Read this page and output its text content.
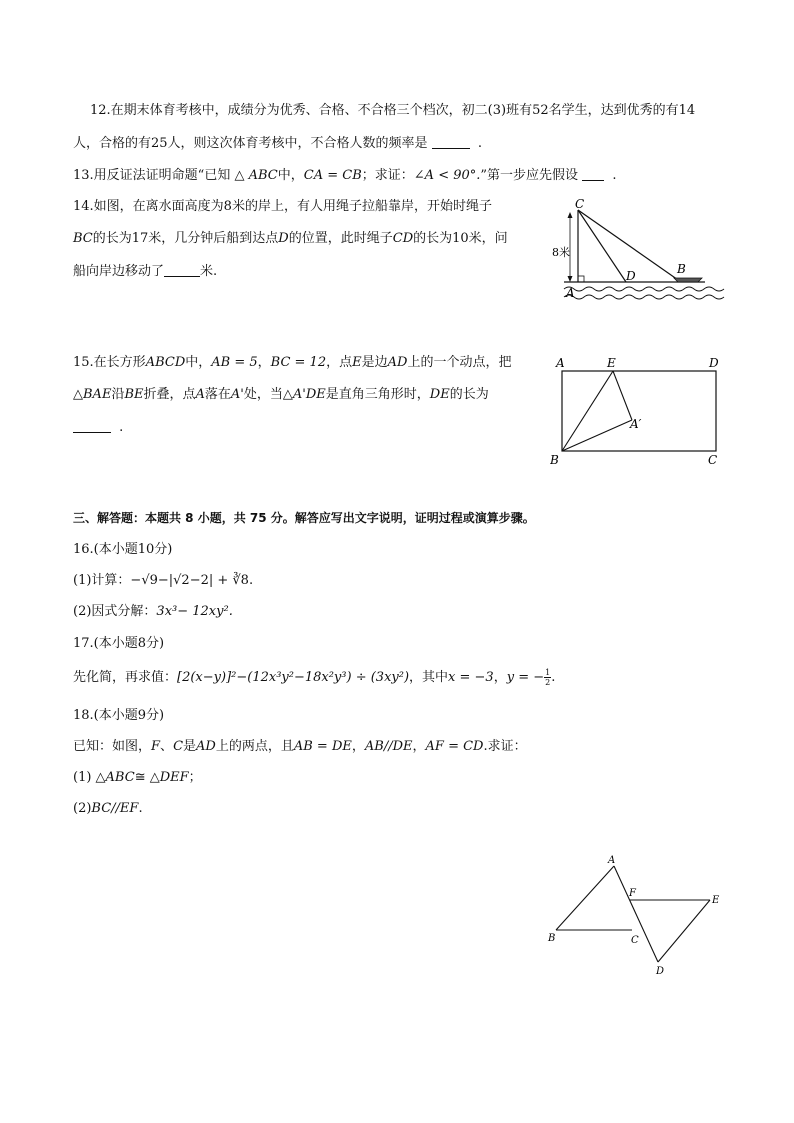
12.在期末体育考核中，成绩分为优秀、合格、不合格三个档次，初二(3)班有52名学生，达到优秀的有14
人，合格的有25人，则这次体育考核中，不合格人数的频率是	.
13.用反证法证明命题“已知 △ ABC中，CA = CB；求证：∠A < 90°.”第一步应先假设	.
14.如图，在离水面高度为8米的岸上，有人用绳子拉船靠岸，开始时绳子
BC的长为17米，几分钟后船到达点D的位置，此时绳子CD的长为10米，问
船向岸边移动了	米.
C
A
D	B
8米
15.在长方形ABCD中，AB = 5，BC = 12，点E是边AD上的一个动点，把
△BAE沿BE折叠，点A落在A'处，当△A'DE是直角三角形时，DE的长为
.
A	E	D
A′
B	C
三、解答题：本题共 8 小题，共 75 分。解答应写出文字说明，证明过程或演算步骤。
16.(本小题10分)
(1)计算：−√9−|√2−2| + ∛8.
(2)因式分解：3x³− 12xy².
17.(本小题8分)
先化简，再求值：[2(x−y)]²−(12x³y²−18x²y³) ÷ (3xy²)，其中x = −3，y = − $\frac{1}{2}$ .
18.(本小题9分)
已知：如图，F、C是AD上的两点，且AB = DE，AB//DE，AF = CD.求证：
(1) △ABC≅ △DEF；
(2)BC//EF.
A
F
E
B	C
D
